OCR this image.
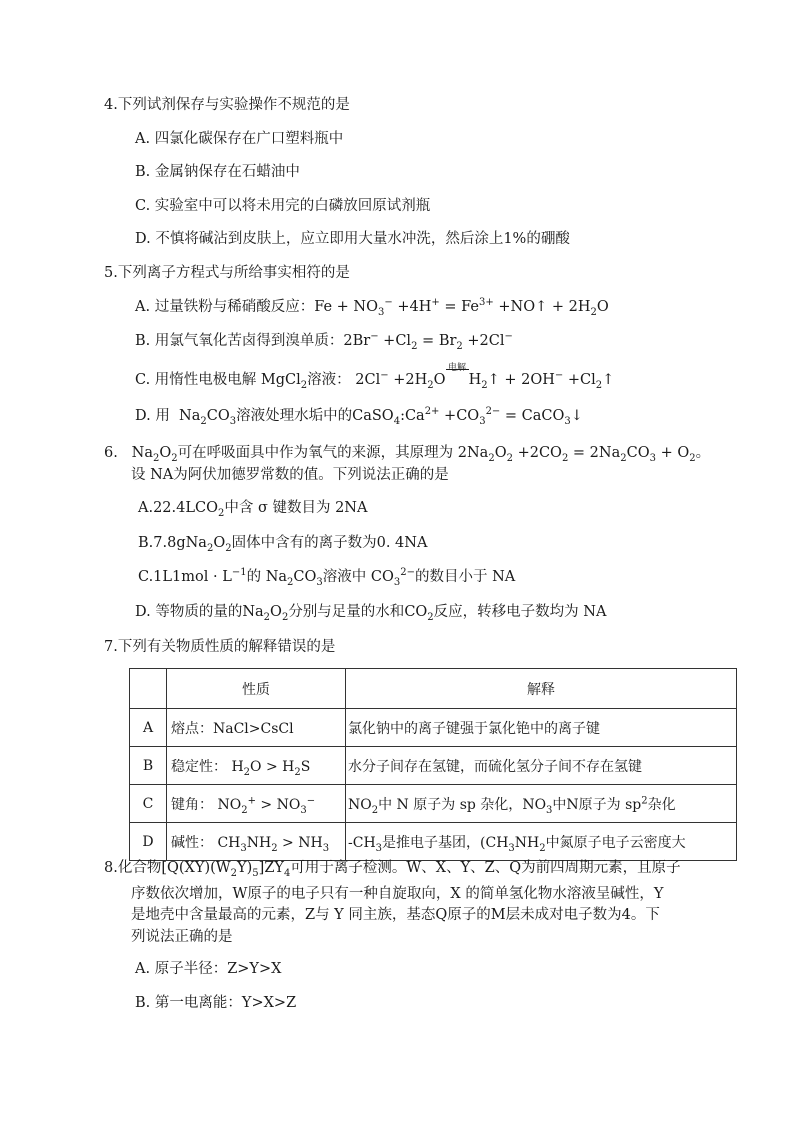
4.下列试剂保存与实验操作不规范的是
A. 四氯化碳保存在广口塑料瓶中
B. 金属钠保存在石蜡油中
C. 实验室中可以将未用完的白磷放回原试剂瓶
D. 不慎将碱沾到皮肤上，应立即用大量水冲洗，然后涂上1%的硼酸
5.下列离子方程式与所给事实相符的是
A. 过量铁粉与稀硝酸反应：$Fe + NO_3^- +4H^+ = Fe^{3+}$ +NO↑ + $2H_2O$
B. 用氯气氧化苦卤得到溴单质：$2Br^- +Cl_2 = Br_2 +2Cl^-$
C. 用惰性电极电解 MgCl$_2$溶液： $2Cl^- +2H_2O$
电解
$H_2↑ + 2OH^-$ $+Cl_2↑$
D. 用 $Na_2CO_3$溶液处理水垢中的$CaSO_4:Ca^{2+} +CO_3^{2-}$ = CaCO$_3$↓
6. $Na_2O_2$可在呼吸面具中作为氧气的来源，其原理为 $2Na_2O_2 +2CO_2 = 2Na_2CO_3 + O_2$。
设 NA为阿伏加德罗常数的值。下列说法正确的是
$A.22.4LCO_2$中含 σ 键数目为 2NA
$B.7.8gNa_2O_2$固体中含有的离子数为0. 4NA
$C.1L1mol \cdot L^{-1}$的 $Na_2CO_3$溶液中 $CO_3^{2-}$的数目小于 NA
D. 等物质的量的$Na_2O_2$分别与足量的水和$CO_2$反应，转移电子数均为 NA
7.下列有关物质性质的解释错误的是
	性质	解释
A	熔点：NaCl>CsCl	氯化钠中的离子键强于氯化铯中的离子键
B	稳定性： $H_2O > H_2S$	水分子间存在氢键，而硫化氢分子间不存在氢键
C	键角： $NO_2^+ > NO_3^-$	$NO_2$中 N 原子为 sp 杂化，$NO_3$中N原子为 $sp^2$杂化
D	碱性： $CH_3NH_2 > NH_3$	$-CH_3$是推电子基团，($CH_3NH_2$中氮原子电子云密度大
8.化合物$[Q(XY)(W_2Y)_5]ZY_4$可用于离子检测。W、X、Y、Z、Q为前四周期元素，且原子
序数依次增加，W原子的电子只有一种自旋取向，X 的简单氢化物水溶液呈碱性，Y
是地壳中含量最高的元素，Z与 Y 同主族，基态Q原子的M层未成对电子数为4。下
列说法正确的是
A. 原子半径：Z>Y>X
B. 第一电离能：Y>X>Z
